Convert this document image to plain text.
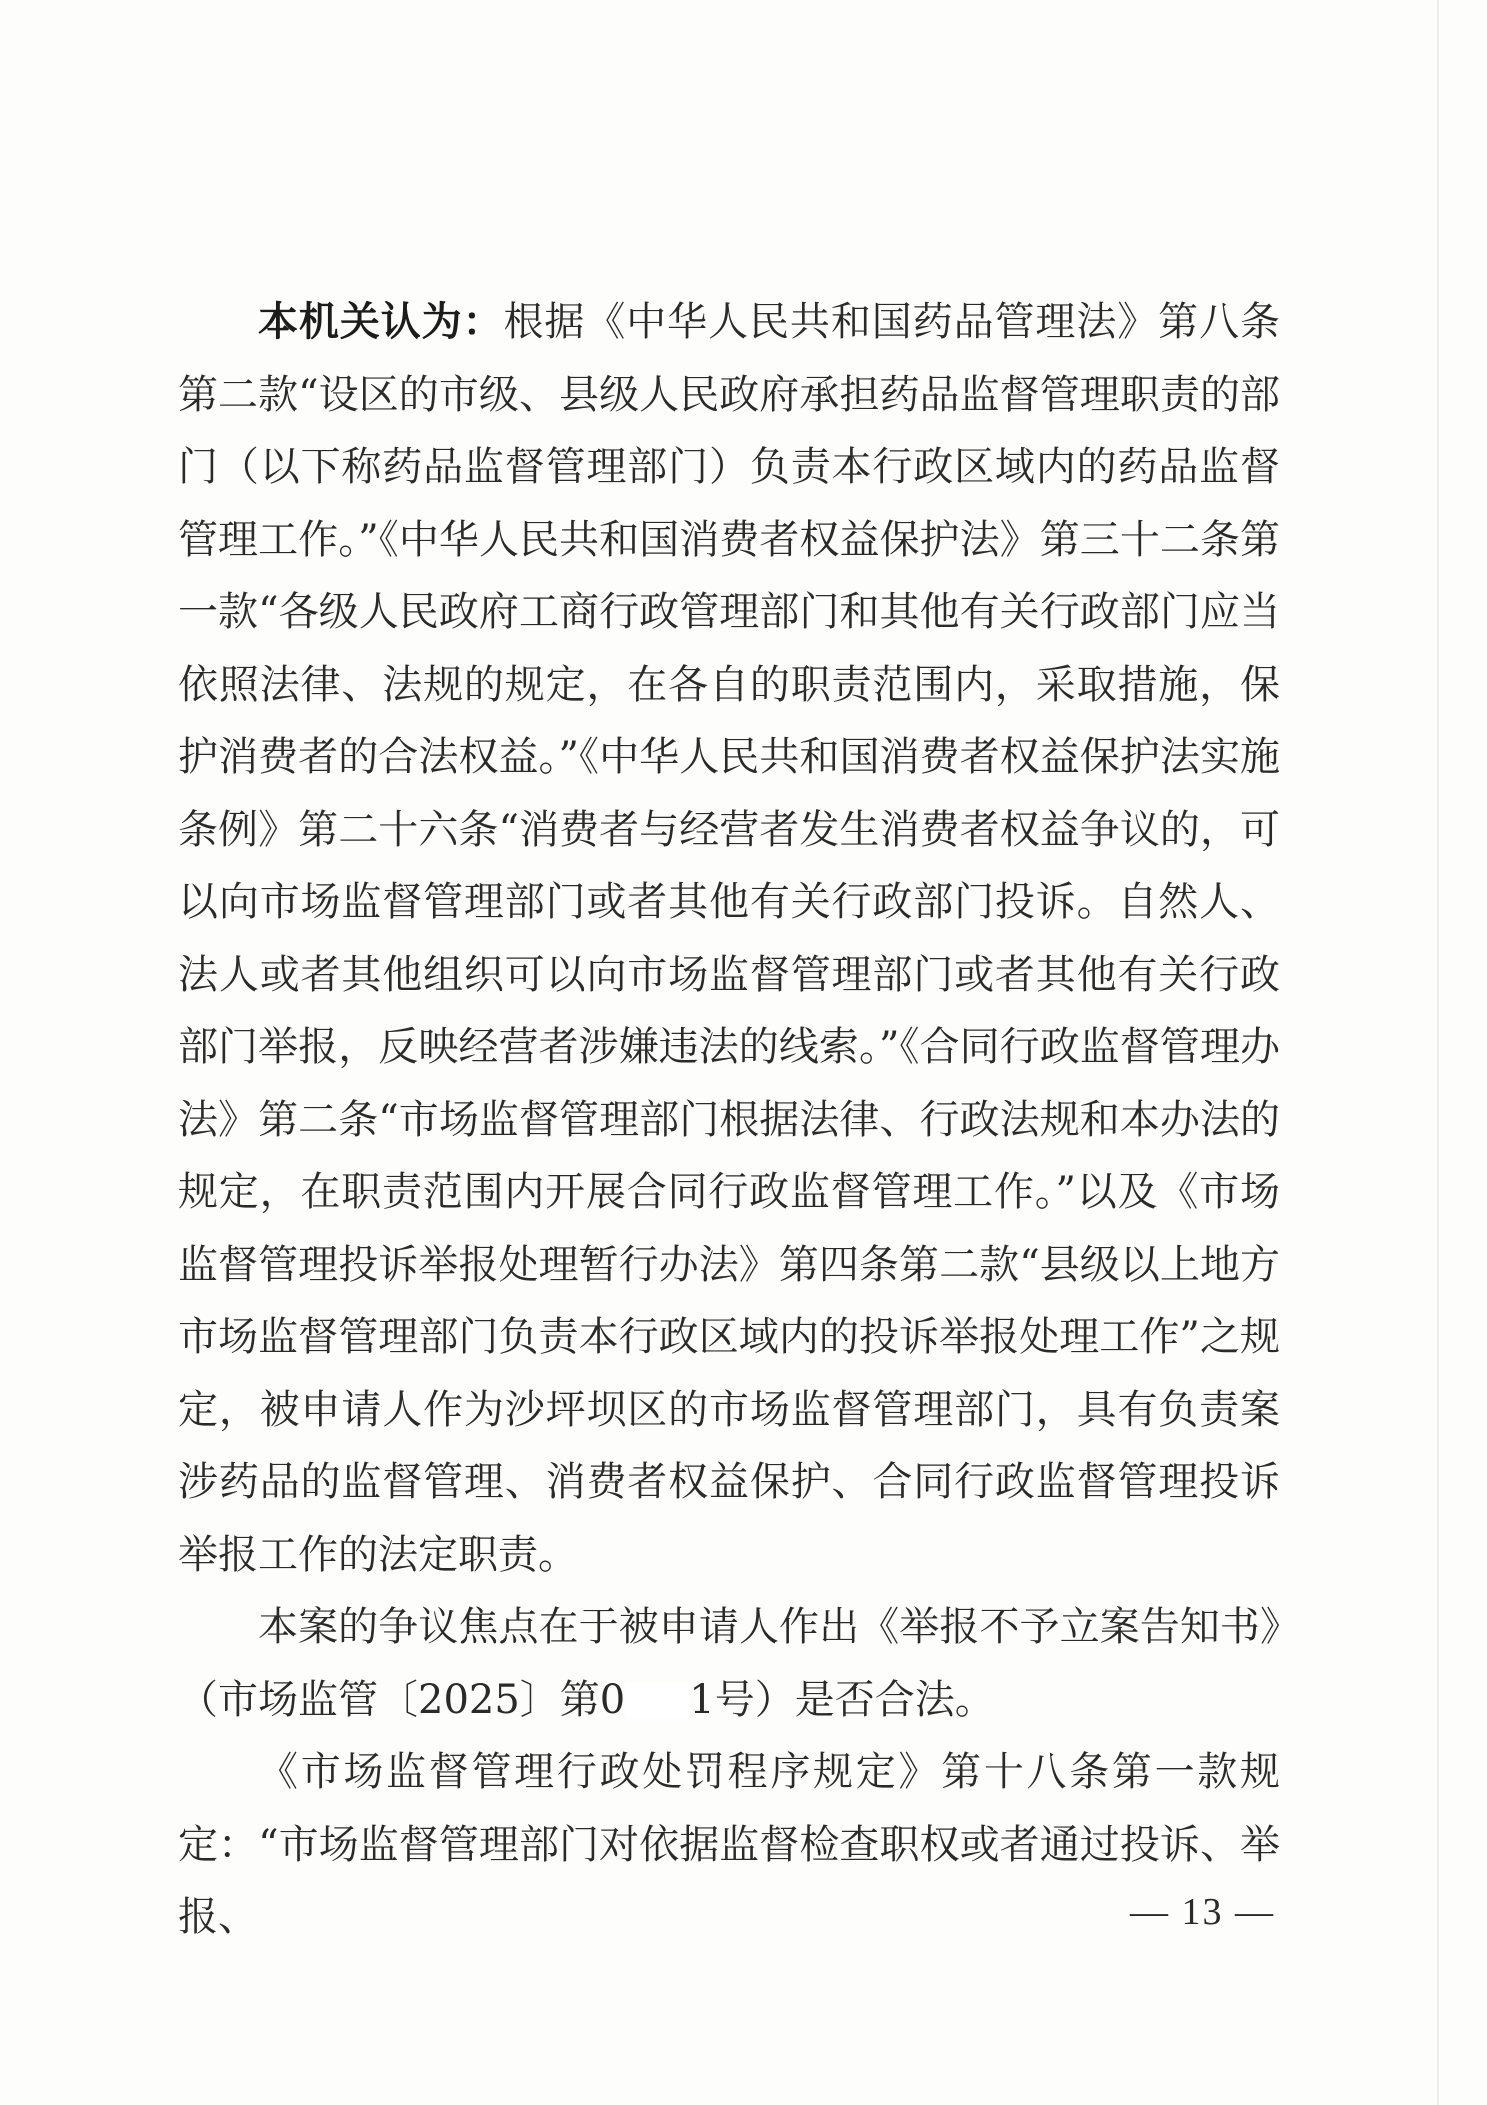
本机关认为：根据《中华人民共和国药品管理法》第八条第二款“设区的市级、县级人民政府承担药品监督管理职责的部门（以下称药品监督管理部门）负责本行政区域内的药品监督管理工作。”《中华人民共和国消费者权益保护法》第三十二条第一款“各级人民政府工商行政管理部门和其他有关行政部门应当依照法律、法规的规定，在各自的职责范围内，采取措施，保护消费者的合法权益。”《中华人民共和国消费者权益保护法实施条例》第二十六条“消费者与经营者发生消费者权益争议的，可以向市场监督管理部门或者其他有关行政部门投诉。自然人、法人或者其他组织可以向市场监督管理部门或者其他有关行政部门举报，反映经营者涉嫌违法的线索。”《合同行政监督管理办法》第二条“市场监督管理部门根据法律、行政法规和本办法的规定，在职责范围内开展合同行政监督管理工作。”以及《市场监督管理投诉举报处理暂行办法》第四条第二款“县级以上地方市场监督管理部门负责本行政区域内的投诉举报处理工作”之规定，被申请人作为沙坪坝区的市场监督管理部门，具有负责案涉药品的监督管理、消费者权益保护、合同行政监督管理投诉举报工作的法定职责。

本案的争议焦点在于被申请人作出《举报不予立案告知书》（市场监管〔2025〕第0 1号）是否合法。

《市场监督管理行政处罚程序规定》第十八条第一款规定：“市场监督管理部门对依据监督检查职权或者通过投诉、举报、	— 13 —
